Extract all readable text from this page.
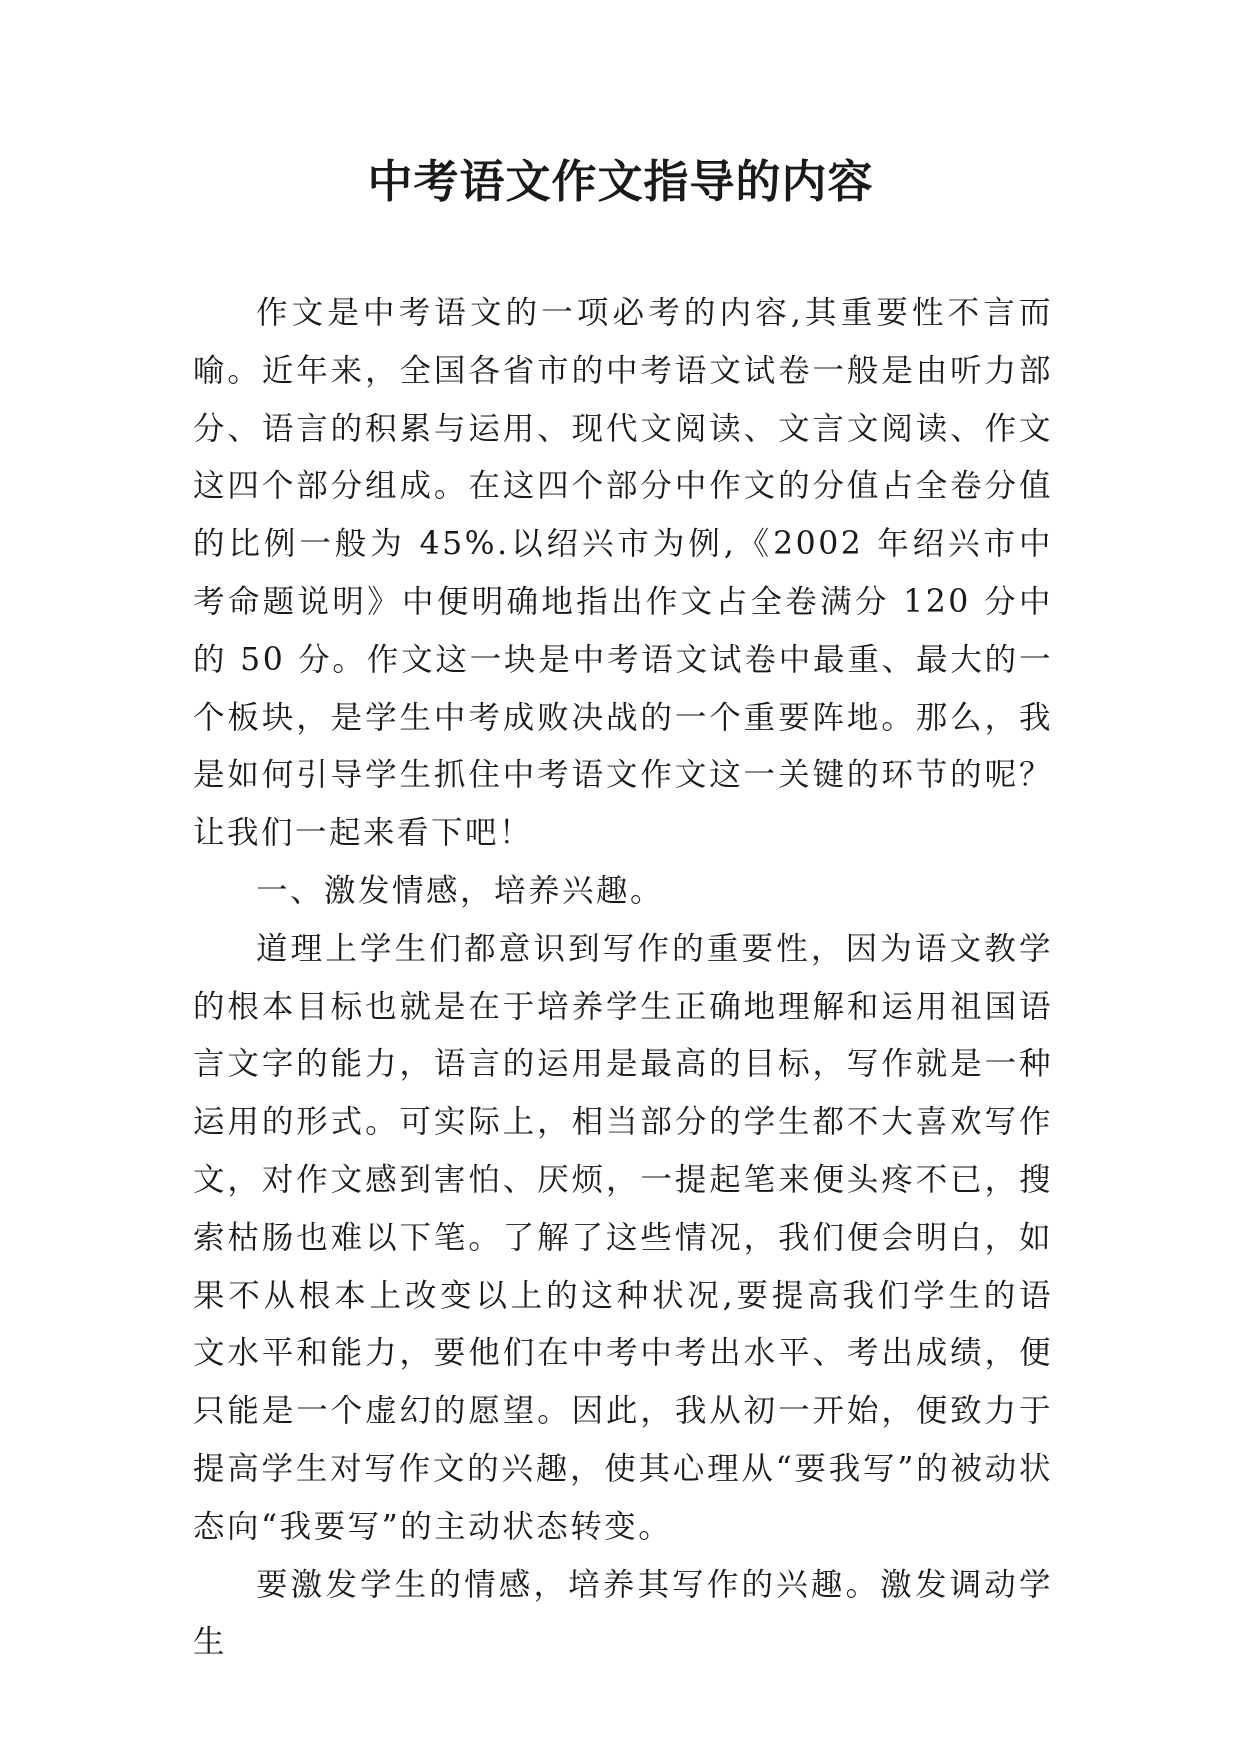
中考语文作文指导的内容

作文是中考语文的一项必考的内容,其重要性不言而喻。近年来，全国各省市的中考语文试卷一般是由听力部分、语言的积累与运用、现代文阅读、文言文阅读、作文这四个部分组成。在这四个部分中作文的分值占全卷分值的比例一般为 45%.以绍兴市为例,《2002 年绍兴市中考命题说明》中便明确地指出作文占全卷满分 120 分中的 50 分。作文这一块是中考语文试卷中最重、最大的一个板块，是学生中考成败决战的一个重要阵地。那么，我是如何引导学生抓住中考语文作文这一关键的环节的呢？让我们一起来看下吧！

一、激发情感，培养兴趣。

道理上学生们都意识到写作的重要性，因为语文教学的根本目标也就是在于培养学生正确地理解和运用祖国语言文字的能力，语言的运用是最高的目标，写作就是一种运用的形式。可实际上，相当部分的学生都不大喜欢写作文，对作文感到害怕、厌烦，一提起笔来便头疼不已，搜索枯肠也难以下笔。了解了这些情况，我们便会明白，如果不从根本上改变以上的这种状况,要提高我们学生的语文水平和能力，要他们在中考中考出水平、考出成绩，便只能是一个虚幻的愿望。因此，我从初一开始，便致力于提高学生对写作文的兴趣，使其心理从“要我写”的被动状态向“我要写”的主动状态转变。

要激发学生的情感，培养其写作的兴趣。激发调动学生
